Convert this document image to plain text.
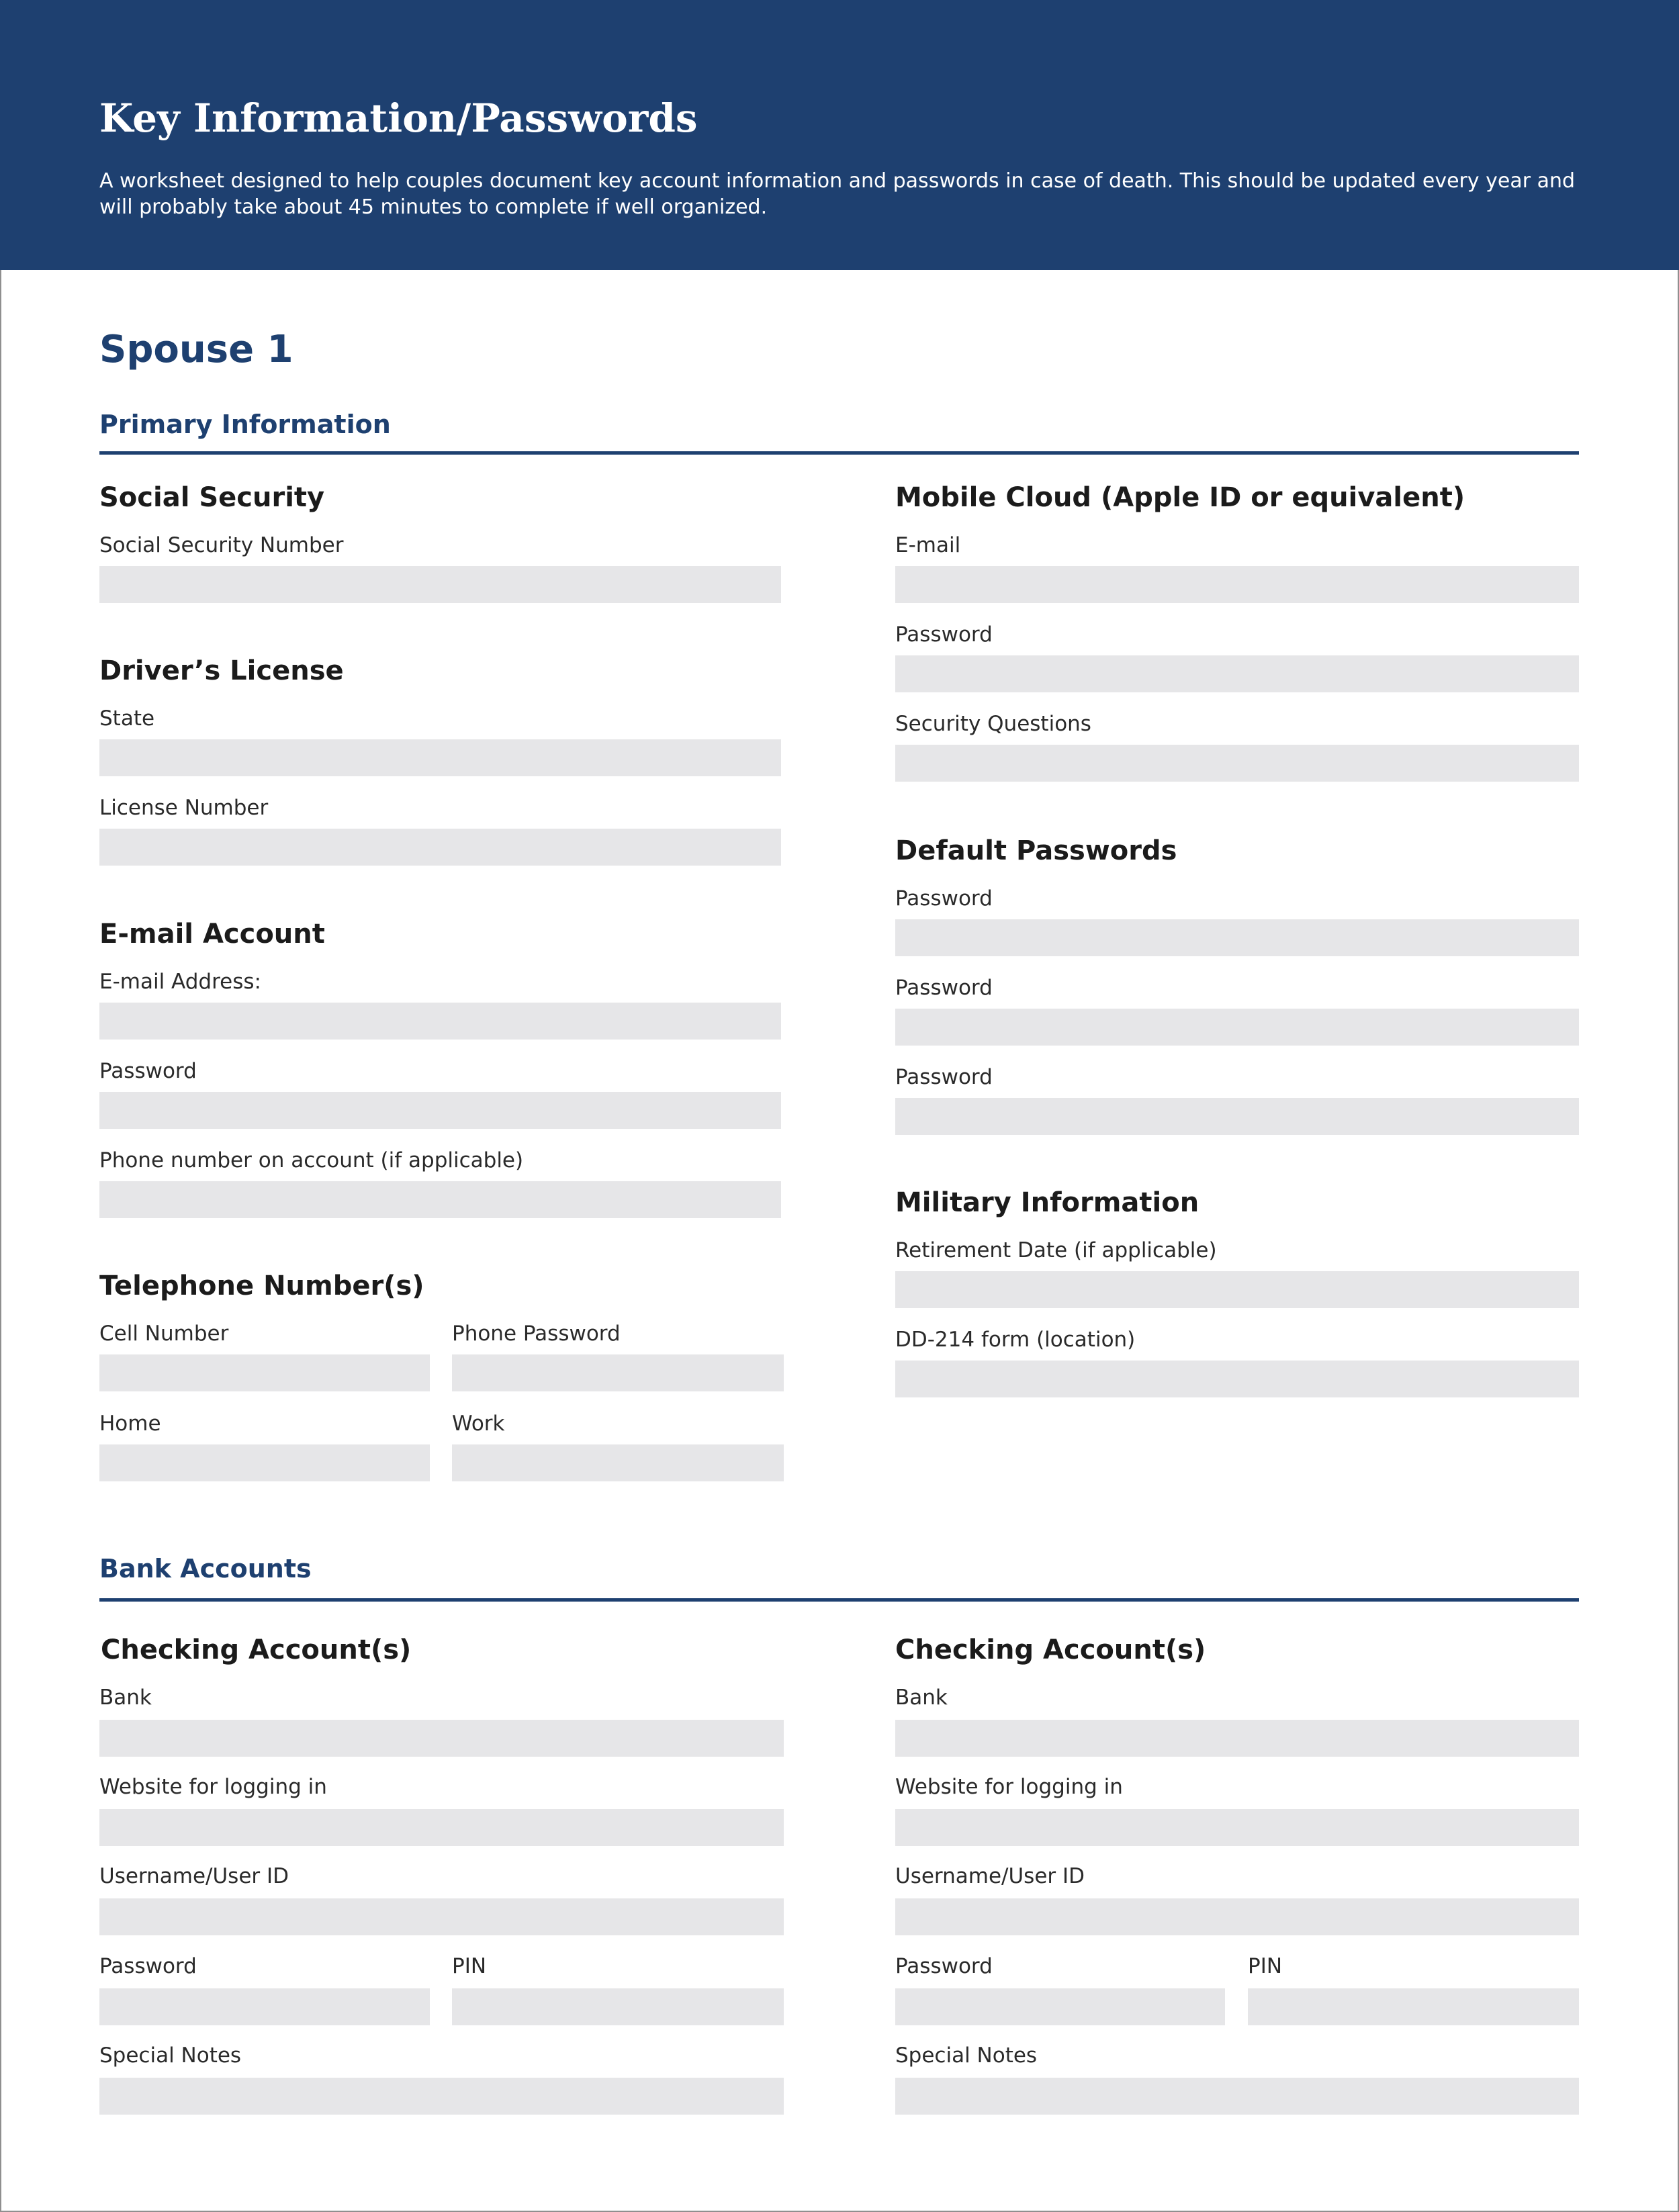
Key Information/Passwords
A worksheet designed to help couples document key account information and passwords in case of death. This should be updated every year and will probably take about 45 minutes to complete if well organized.
Spouse 1
Primary Information
Social Security
Social Security Number
Driver’s License
State
License Number
E-mail Account
E-mail Address:
Password
Phone number on account (if applicable)
Telephone Number(s)
Cell Number	Phone Password
Home	Work
Mobile Cloud (Apple ID or equivalent)
E-mail
Password
Security Questions
Default Passwords
Password
Password
Password
Military Information
Retirement Date (if applicable)
DD-214 form (location)
Bank Accounts
Checking Account(s)
Bank
Website for logging in
Username/User ID
Password	PIN
Special Notes
Checking Account(s)
Bank
Website for logging in
Username/User ID
Password	PIN
Special Notes
